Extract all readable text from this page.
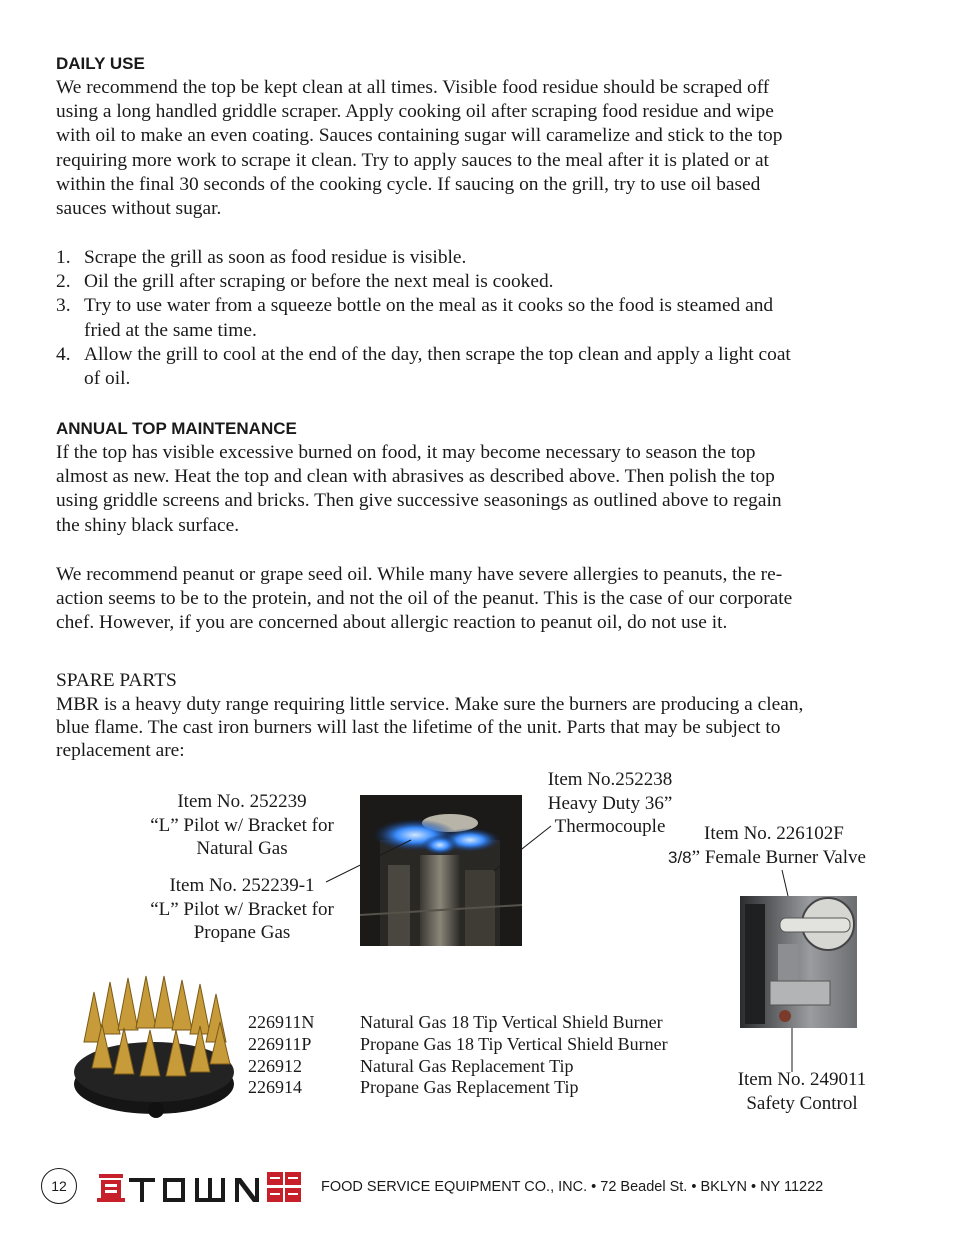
DAILY USE

We recommend the top be kept clean at all times. Visible food residue should be scraped off

using a long handled griddle scraper. Apply cooking oil after scraping food residue and wipe

with oil to make an even coating. Sauces containing sugar will caramelize and stick to the top

requiring more work to scrape it clean. Try to apply sauces to the meal after it is plated or at

within the final 30 seconds of the cooking cycle. If saucing on the grill, try to use oil based

sauces without sugar.

1. Scrape the grill as soon as food residue is visible.
2. Oil the grill after scraping or before the next meal is cooked.
3. Try to use water from a squeeze bottle on the meal as it cooks so the food is steamed and
fried at the same time.
4. Allow the grill to cool at the end of the day, then scrape the top clean and apply a light coat
of oil.
ANNUAL TOP MAINTENANCE

If the top has visible excessive burned on food, it may become necessary to season the top

almost as new. Heat the top and clean with abrasives as described above. Then polish the top

using griddle screens and bricks. Then give successive seasonings as outlined above to regain

the shiny black surface.

We recommend peanut or grape seed oil. While many have severe allergies to peanuts, the re-

action seems to be to the protein, and not the oil of the peanut. This is the case of our corporate

chef. However, if you are concerned about allergic reaction to peanut oil, do not use it.

SPARE PARTS

MBR is a heavy duty range requiring little service. Make sure the burners are producing a clean,

blue flame. The cast iron burners will last the lifetime of the unit. Parts that may be subject to

replacement are:

Item No. 252239
“L” Pilot w/ Bracket for
Natural Gas
Item No. 252239-1
“L” Pilot w/ Bracket for
Propane Gas
Item No.252238
Heavy Duty 36”
Thermocouple	Item No. 226102F
3/8” Female Burner Valve
Item No. 249011
Safety Control
226911N	Natural Gas 18 Tip Vertical Shield Burner
226911P	Propane Gas 18 Tip Vertical Shield Burner
226912	Natural Gas Replacement Tip
226914	Propane Gas Replacement Tip
12	FOOD SERVICE EQUIPMENT CO., INC. • 72 Beadel St. • BKLYN • NY 11222
